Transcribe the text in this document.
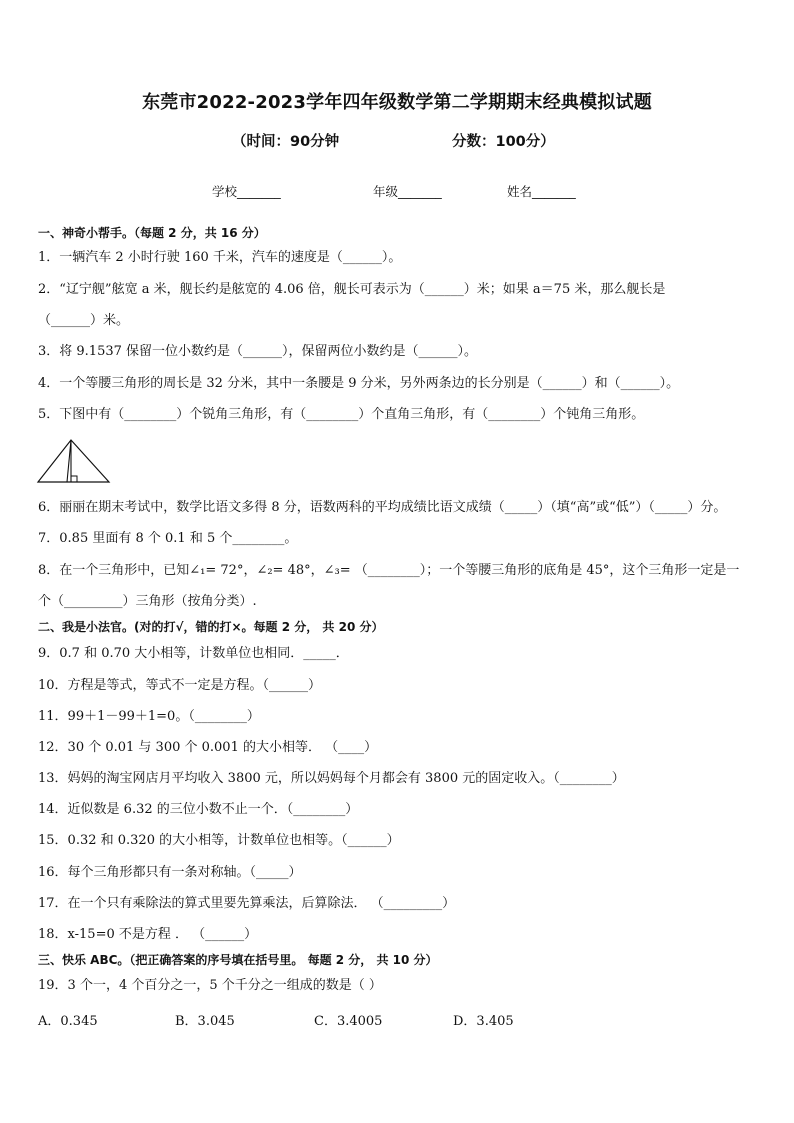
东莞市2022-2023学年四年级数学第二学期期末经典模拟试题
（时间：90分钟	分数：100分）
学校_______	年级_______	姓名_______
一、神奇小帮手。（每题 2 分，共 16 分）
1．一辆汽车 2 小时行驶 160 千米，汽车的速度是（______）。
2．“辽宁舰”舷宽 a 米，舰长约是舷宽的 4.06 倍，舰长可表示为（______）米；如果 a＝75 米，那么舰长是
（______）米。
3．将 9.1537 保留一位小数约是（______），保留两位小数约是（______）。
4．一个等腰三角形的周长是 32 分米，其中一条腰是 9 分米，另外两条边的长分别是（______）和（______）。
5．下图中有（________）个锐角三角形，有（________）个直角三角形，有（________）个钝角三角形。
6．丽丽在期末考试中，数学比语文多得 8 分，语数两科的平均成绩比语文成绩（_____）（填“高”或“低”）（_____）分。
7．0.85 里面有 8 个 0.1 和 5 个________。
8．在一个三角形中，已知∠₁= 72°，∠₂= 48°，∠₃= （________）；一个等腰三角形的底角是 45°，这个三角形一定是一
个（_________）三角形（按角分类）.
二、我是小法官。(对的打√，错的打×。每题 2 分， 共 20 分）
9．0.7 和 0.70 大小相等，计数单位也相同．_____．
10．方程是等式，等式不一定是方程。（______）
11．99＋1－99＋1=0。（________）
12．30 个 0.01 与 300 个 0.001 的大小相等． （____）
13．妈妈的淘宝网店月平均收入 3800 元，所以妈妈每个月都会有 3800 元的固定收入。（________）
14．近似数是 6.32 的三位小数不止一个．（________）
15．0.32 和 0.320 的大小相等，计数单位也相等。（______）
16．每个三角形都只有一条对称轴。（_____）
17．在一个只有乘除法的算式里要先算乘法，后算除法． （_________）
18．x-15=0 不是方程 ． （______）
三、快乐 ABC。（把正确答案的序号填在括号里。 每题 2 分， 共 10 分）
19．3 个一，4 个百分之一，5 个千分之一组成的数是（ ）
A．0.345	B．3.045	C．3.4005	D．3.405
